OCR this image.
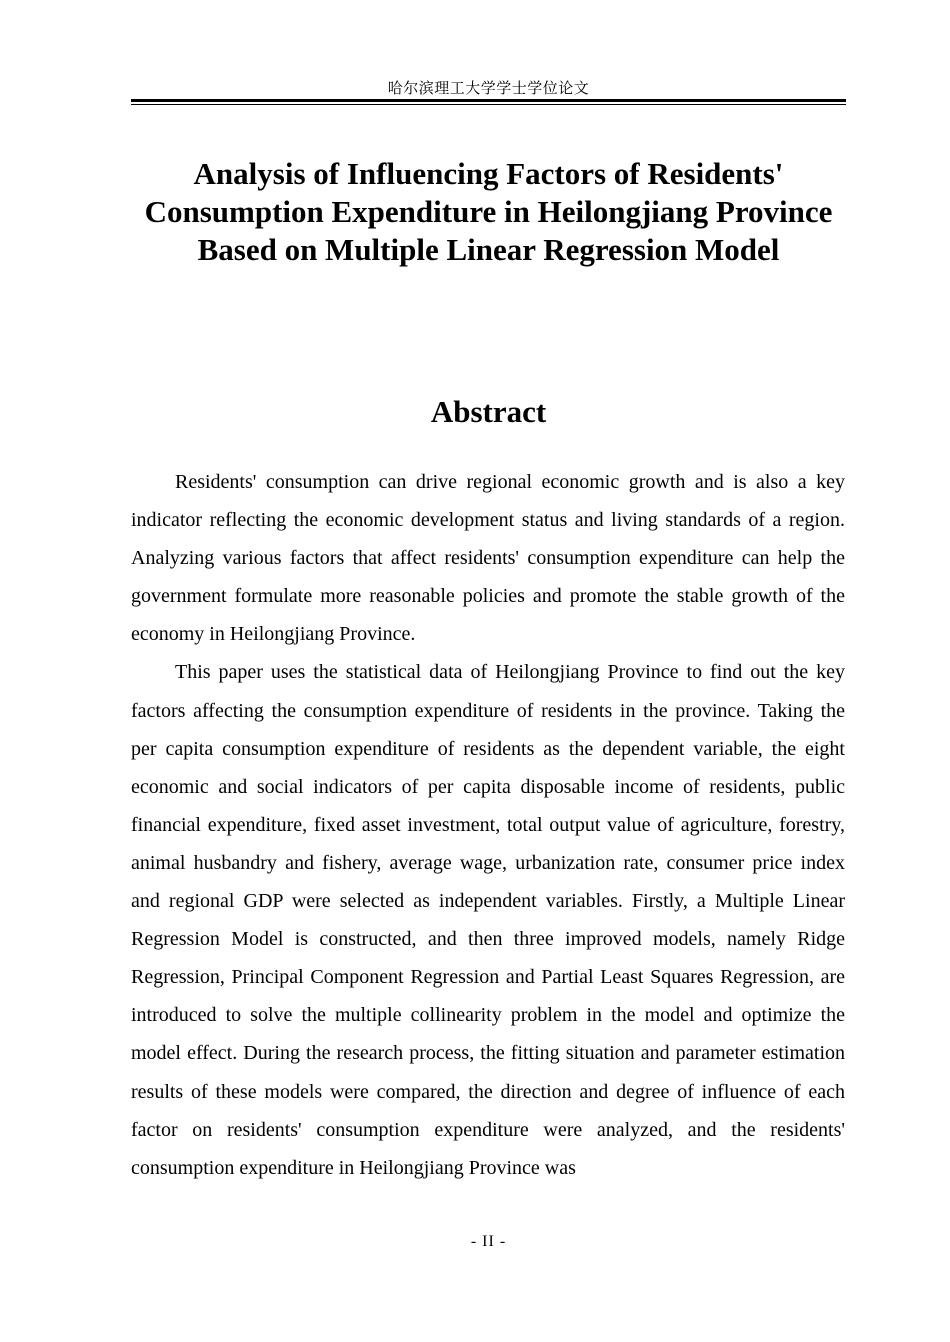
哈尔滨理工大学学士学位论文
Analysis of Influencing Factors of Residents' Consumption Expenditure in Heilongjiang Province Based on Multiple Linear Regression Model
Abstract

Residents' consumption can drive regional economic growth and is also a key indicator reflecting the economic development status and living standards of a region. Analyzing various factors that affect residents' consumption expenditure can help the government formulate more reasonable policies and promote the stable growth of the economy in Heilongjiang Province.

This paper uses the statistical data of Heilongjiang Province to find out the key factors affecting the consumption expenditure of residents in the province. Taking the per capita consumption expenditure of residents as the dependent variable, the eight economic and social indicators of per capita disposable income of residents, public financial expenditure, fixed asset investment, total output value of agriculture, forestry, animal husbandry and fishery, average wage, urbanization rate, consumer price index and regional GDP were selected as independent variables. Firstly, a Multiple Linear Regression Model is constructed, and then three improved models, namely Ridge Regression, Principal Component Regression and Partial Least Squares Regression, are introduced to solve the multiple collinearity problem in the model and optimize the model effect. During the research process, the fitting situation and parameter estimation results of these models were compared, the direction and degree of influence of each factor on residents' consumption expenditure were analyzed, and the residents' consumption expenditure in Heilongjiang Province was

- II -
